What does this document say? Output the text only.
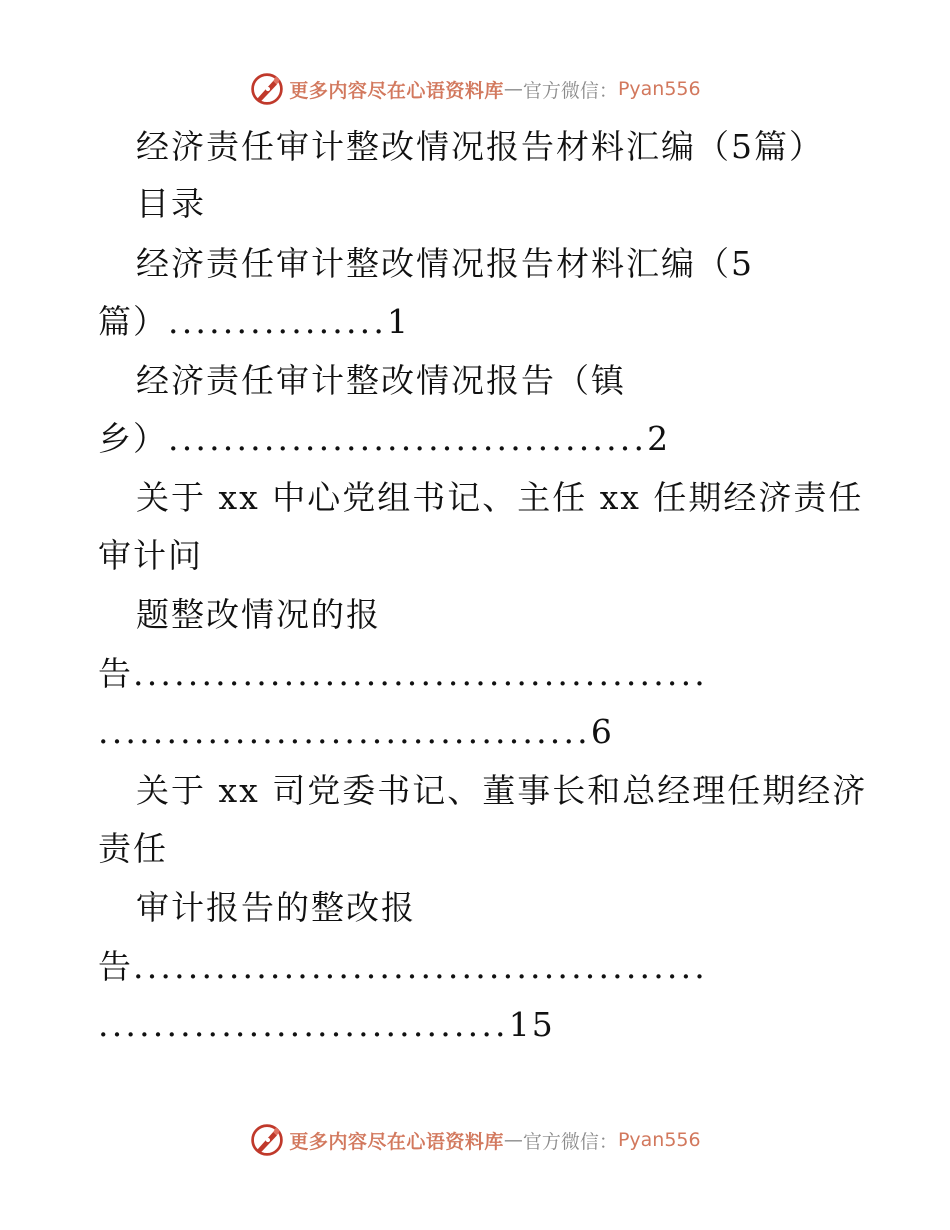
更多内容尽在心语资料库 — 官方微信： Pyan556
经济责任审计整改情况报告材料汇编（5篇）
目录
经济责任审计整改情况报告材料汇编（5
篇）................1
经济责任审计整改情况报告（镇
乡）...................................2
关于 xx 中心党组书记、主任 xx 任期经济责任
审计问
题整改情况的报
告..........................................
....................................6
关于 xx 司党委书记、董事长和总经理任期经济
责任
审计报告的整改报
告..........................................
..............................15
更多内容尽在心语资料库 — 官方微信： Pyan556
